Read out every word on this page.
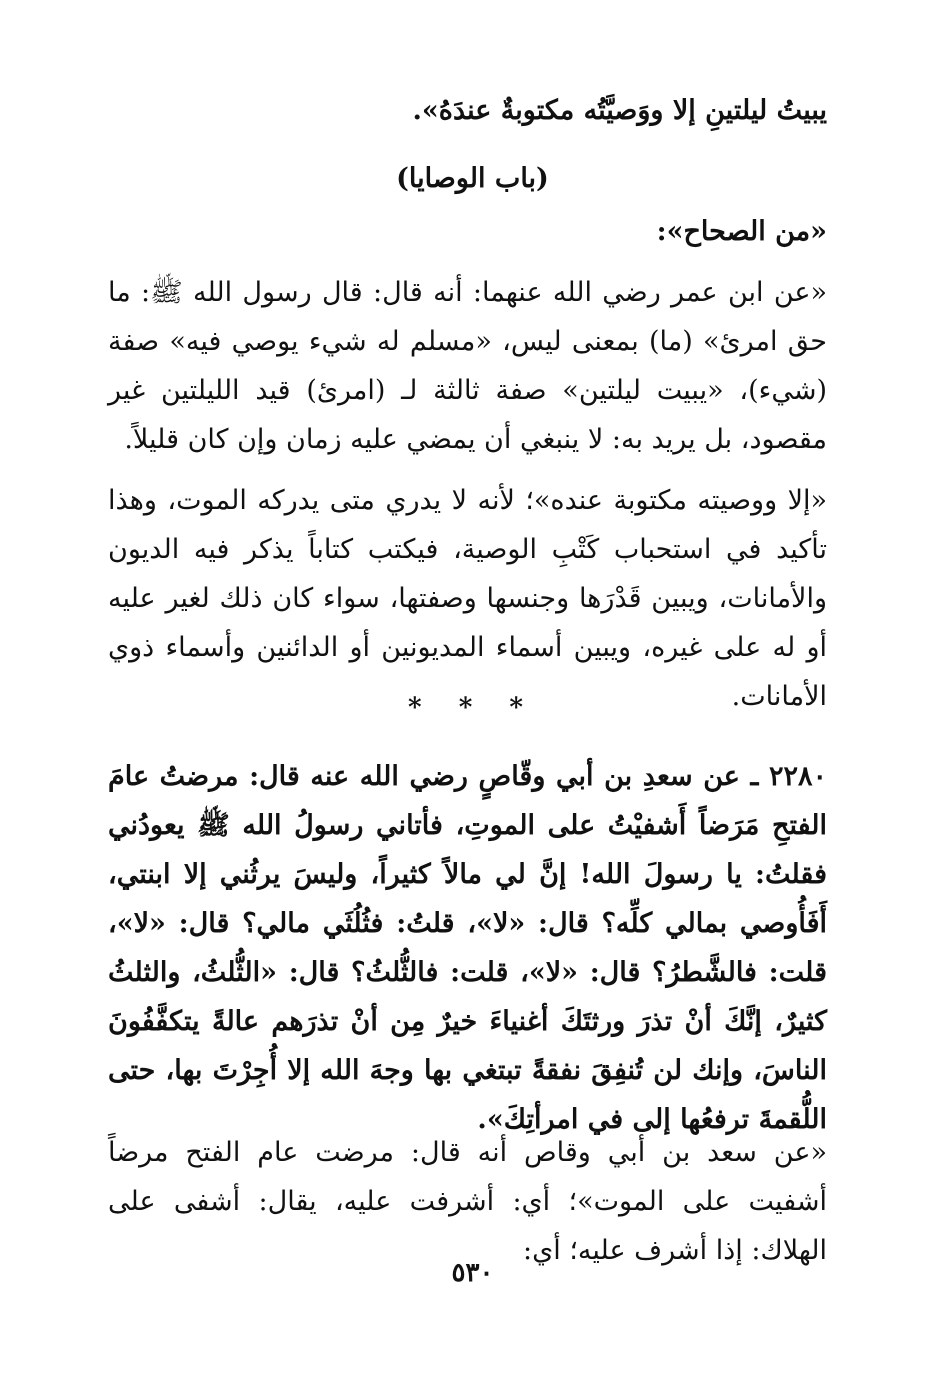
يبيتُ ليلتينِ إلا ووَصيَّتُه مكتوبةٌ عندَهُ».
(باب الوصايا)
«من الصحاح»:

«عن ابن عمر رضي الله عنهما: أنه قال: قال رسول الله ﷺ: ما حق امرئ» (ما) بمعنى ليس، «مسلم له شيء يوصي فيه» صفة (شيء)، «يبيت ليلتين» صفة ثالثة لـ (امرئ) قيد الليلتين غير مقصود، بل يريد به: لا ينبغي أن يمضي عليه زمان وإن كان قليلاً.

«إلا ووصيته مكتوبة عنده»؛ لأنه لا يدري متى يدركه الموت، وهذا تأكيد في استحباب كَتْبِ الوصية، فيكتب كتاباً يذكر فيه الديون والأمانات، ويبين قَدْرَها وجنسها وصفتها، سواء كان ذلك لغير عليه أو له على غيره، ويبين أسماء المديونين أو الدائنين وأسماء ذوي الأمانات.

* * *

٢٢٨٠ ـ عن سعدِ بن أبي وقّاصٍ رضي الله عنه قال: مرضتُ عامَ الفتحِ مَرَضاً أَشفيْتُ على الموتِ، فأتاني رسولُ الله ﷺ يعودُني فقلتُ: يا رسولَ الله! إنَّ لي مالاً كثيراً، وليسَ يرثُني إلا ابنتي، أَفَأُوصي بمالي كلِّه؟ قال: «لا»، قلتُ: فثُلُثَي مالي؟ قال: «لا»، قلت: فالشَّطرُ؟ قال: «لا»، قلت: فالثُّلثُ؟ قال: «الثُّلثُ، والثلثُ كثيرٌ، إنَّكَ أنْ تذرَ ورثتَكَ أغنياءَ خيرٌ مِن أنْ تذرَهم عالةً يتكفَّفُونَ الناسَ، وإنك لن تُنفِقَ نفقةً تبتغي بها وجهَ الله إلا أُجِرْتَ بها، حتى اللُّقمةَ ترفعُها إلى في امرأتِكَ».

«عن سعد بن أبي وقاص أنه قال: مرضت عام الفتح مرضاً أشفيت على الموت»؛ أي: أشرفت عليه، يقال: أشفى على الهلاك: إذا أشرف عليه؛ أي:

٥٣٠
